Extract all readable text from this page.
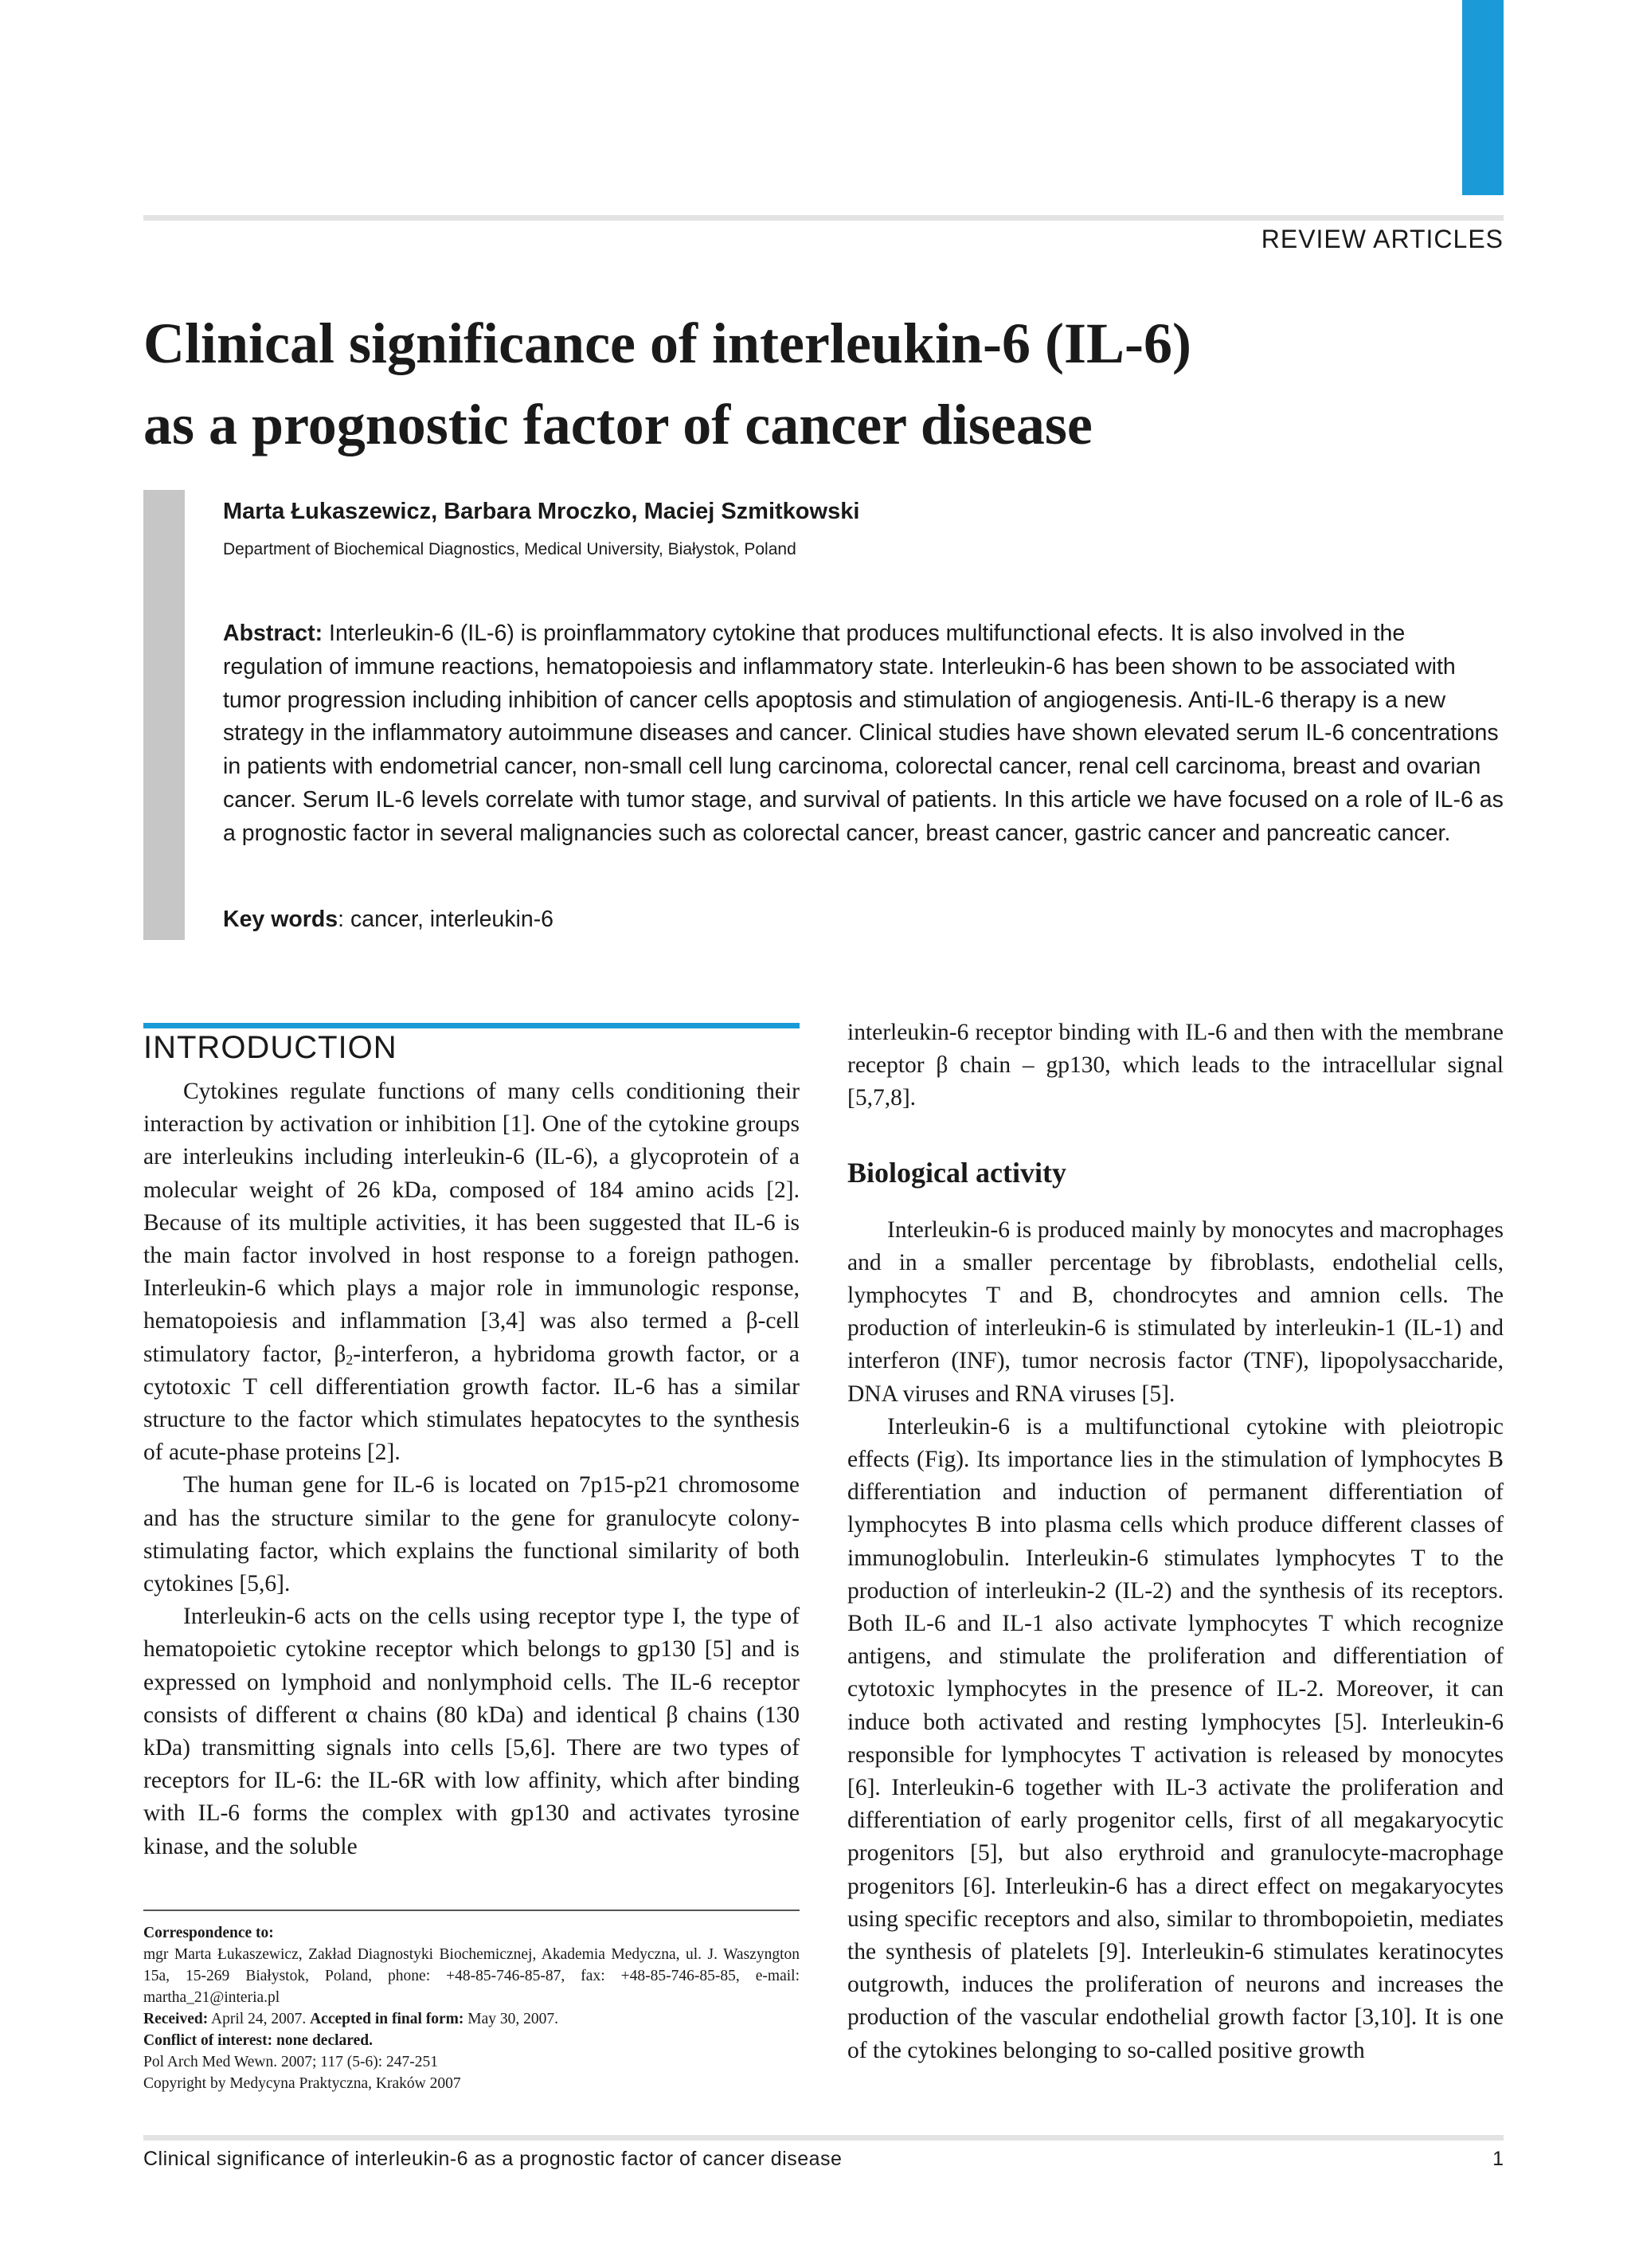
REVIEW ARTICLES
Clinical significance of interleukin-6 (IL-6)
as a prognostic factor of cancer disease
Marta Łukaszewicz, Barbara Mroczko, Maciej Szmitkowski
Department of Biochemical Diagnostics, Medical University, Białystok, Poland

Abstract: Interleukin-6 (IL-6) is proinflammatory cytokine that produces multifunctional efects. It is also involved in the regulation of immune reactions, hematopoiesis and inflammatory state. Interleukin-6 has been shown to be associated with tumor progression including inhibition of cancer cells apoptosis and stimulation of angiogenesis. Anti-IL-6 therapy is a new strategy in the inflammatory autoimmune diseases and cancer. Clinical studies have shown elevated serum IL-6 concentrations in patients with endometrial cancer, non-small cell lung carcinoma, colorectal cancer, renal cell carcinoma, breast and ovarian cancer. Serum IL-6 levels correlate with tumor stage, and survival of patients. In this article we have focused on a role of IL-6 as a prognostic factor in several malignancies such as colorectal cancer, breast cancer, gastric cancer and pancreatic cancer.

Key words: cancer, interleukin-6

INTRODUCTION

Cytokines regulate functions of many cells conditioning their interaction by activation or inhibition [1]. One of the cytokine groups are interleukins including interleukin-6 (IL-6), a glycoprotein of a molecular weight of 26 kDa, composed of 184 amino acids [2]. Because of its multiple activities, it has been suggested that IL-6 is the main factor involved in host response to a foreign pathogen. Interleukin-6 which plays a major role in immunologic response, hematopoiesis and inflammation [3,4] was also termed a β-cell stimulatory factor, $\beta_2$-interferon, a hybridoma growth factor, or a cytotoxic T cell differentiation growth factor. IL-6 has a similar structure to the factor which stimulates hepatocytes to the synthesis of acute-phase proteins [2].

The human gene for IL-6 is located on 7p15-p21 chromosome and has the structure similar to the gene for granulocyte colony-stimulating factor, which explains the functional similarity of both cytokines [5,6].

Interleukin-6 acts on the cells using receptor type I, the type of hematopoietic cytokine receptor which belongs to gp130 [5] and is expressed on lymphoid and nonlymphoid cells. The IL-6 receptor consists of different α chains (80 kDa) and identical β chains (130 kDa) transmitting signals into cells [5,6]. There are two types of receptors for IL-6: the IL-6R with low affinity, which after binding with IL-6 forms the complex with gp130 and activates tyrosine kinase, and the soluble

Correspondence to:
mgr Marta Łukaszewicz, Zakład Diagnostyki Biochemicznej, Akademia Medyczna, ul. J. Waszyngton 15a, 15-269 Białystok, Poland, phone: +48-85-746-85-87, fax: +48-85-746-85-85, e-mail: martha_21@interia.pl
Received: April 24, 2007. Accepted in final form: May 30, 2007.
Conflict of interest: none declared.
Pol Arch Med Wewn. 2007; 117 (5-6): 247-251
Copyright by Medycyna Praktyczna, Kraków 2007

interleukin-6 receptor binding with IL-6 and then with the membrane receptor β chain – gp130, which leads to the intracellular signal [5,7,8].

Biological activity

Interleukin-6 is produced mainly by monocytes and macrophages and in a smaller percentage by fibroblasts, endothelial cells, lymphocytes T and B, chondrocytes and amnion cells. The production of interleukin-6 is stimulated by interleukin-1 (IL-1) and interferon (INF), tumor necrosis factor (TNF), lipopolysaccharide, DNA viruses and RNA viruses [5].

Interleukin-6 is a multifunctional cytokine with pleiotropic effects (Fig). Its importance lies in the stimulation of lymphocytes B differentiation and induction of permanent differentiation of lymphocytes B into plasma cells which produce different classes of immunoglobulin. Interleukin-6 stimulates lymphocytes T to the production of interleukin-2 (IL-2) and the synthesis of its receptors. Both IL-6 and IL-1 also activate lymphocytes T which recognize antigens, and stimulate the proliferation and differentiation of cytotoxic lymphocytes in the presence of IL-2. Moreover, it can induce both activated and resting lymphocytes [5]. Interleukin-6 responsible for lymphocytes T activation is released by monocytes [6]. Interleukin-6 together with IL-3 activate the proliferation and differentiation of early progenitor cells, first of all megakaryocytic progenitors [5], but also erythroid and granulocyte-macrophage progenitors [6]. Interleukin-6 has a direct effect on megakaryocytes using specific receptors and also, similar to thrombopoietin, mediates the synthesis of platelets [9]. Interleukin-6 stimulates keratinocytes outgrowth, induces the proliferation of neurons and increases the production of the vascular endothelial growth factor [3,10]. It is one of the cytokines belonging to so-called positive growth

Clinical significance of interleukin-6 as a prognostic factor of cancer disease	1
